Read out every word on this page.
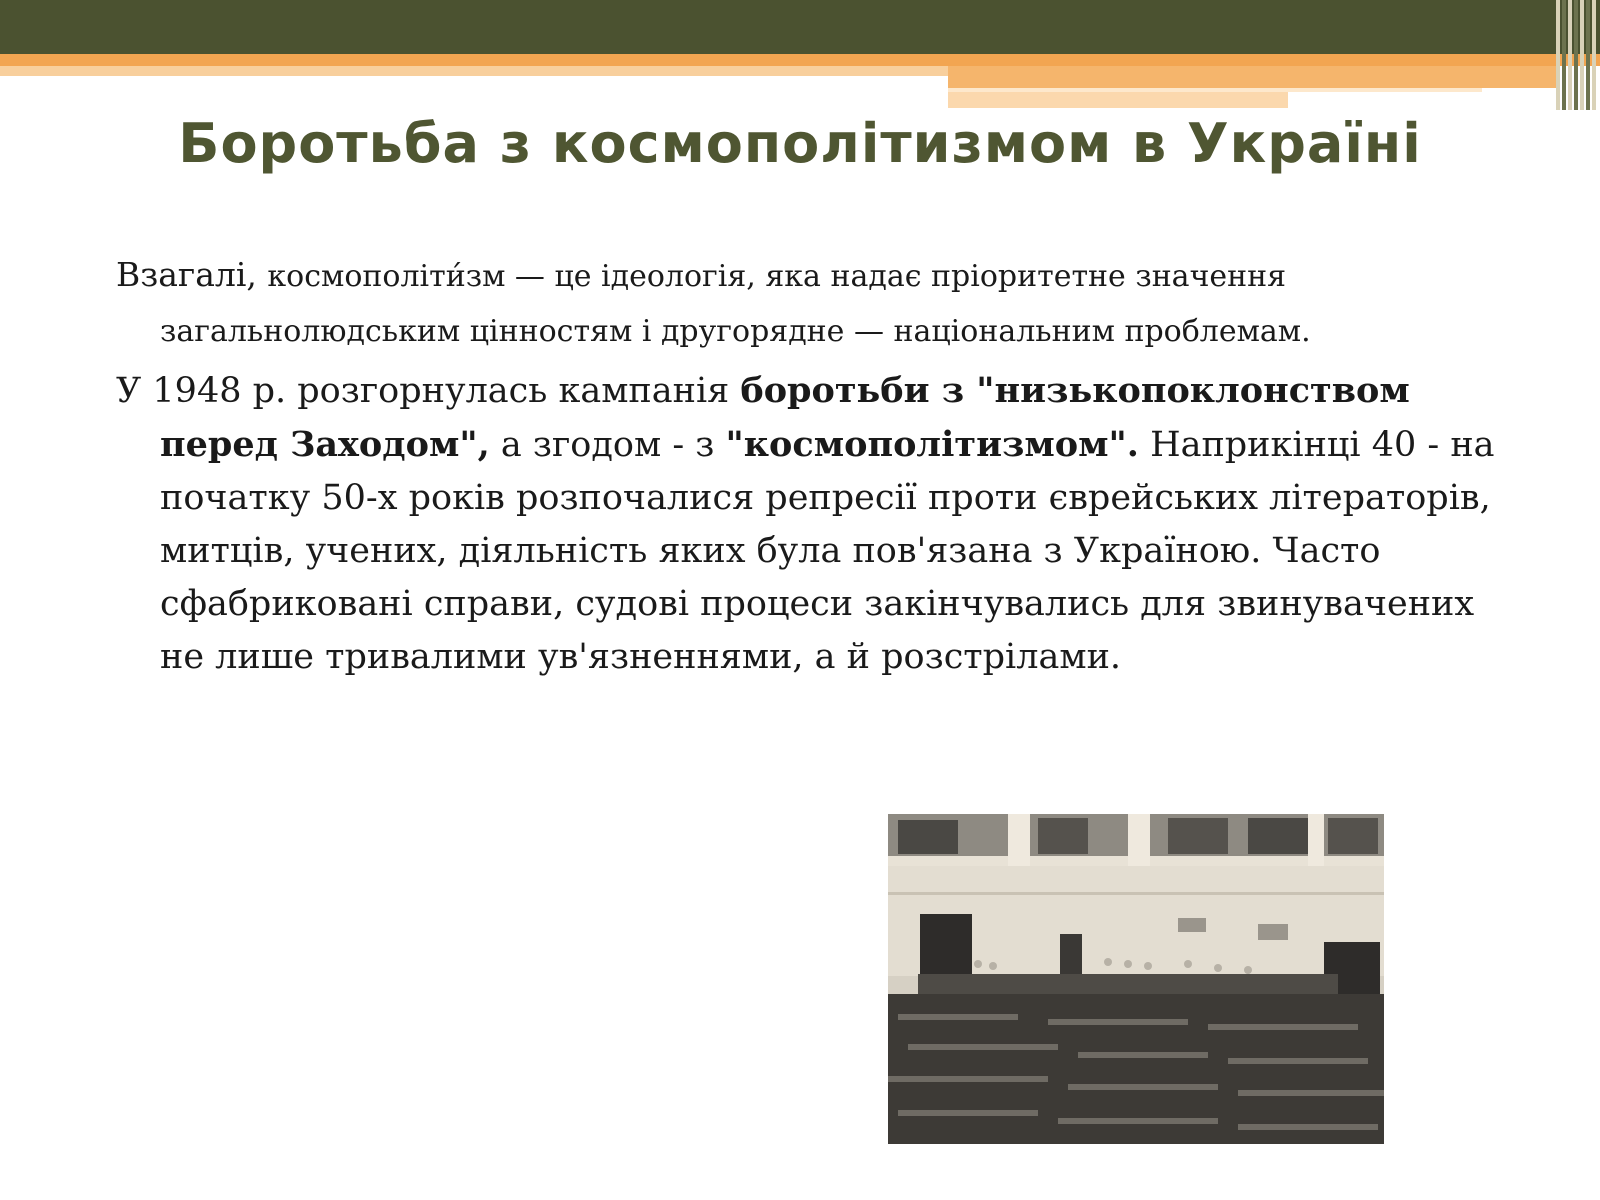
Боротьба з космополітизмом в Україні

Взагалі, космополіти́зм — це ідеологія, яка надає пріоритетне значення загальнолюдським цінностям і другорядне — національним проблемам.

У 1948 р. розгорнулась кампанія боротьби з "низькопоклонством перед Заходом", а згодом - з "космополітизмом". Наприкінці 40 - на початку 50-х років розпочалися репресії проти єврейських літераторів, митців, учених, діяльність яких була пов'язана з Україною. Часто сфабриковані справи, судові процеси закінчувались для звинувачених не лише тривалими ув'язненнями, а й розстрілами.
